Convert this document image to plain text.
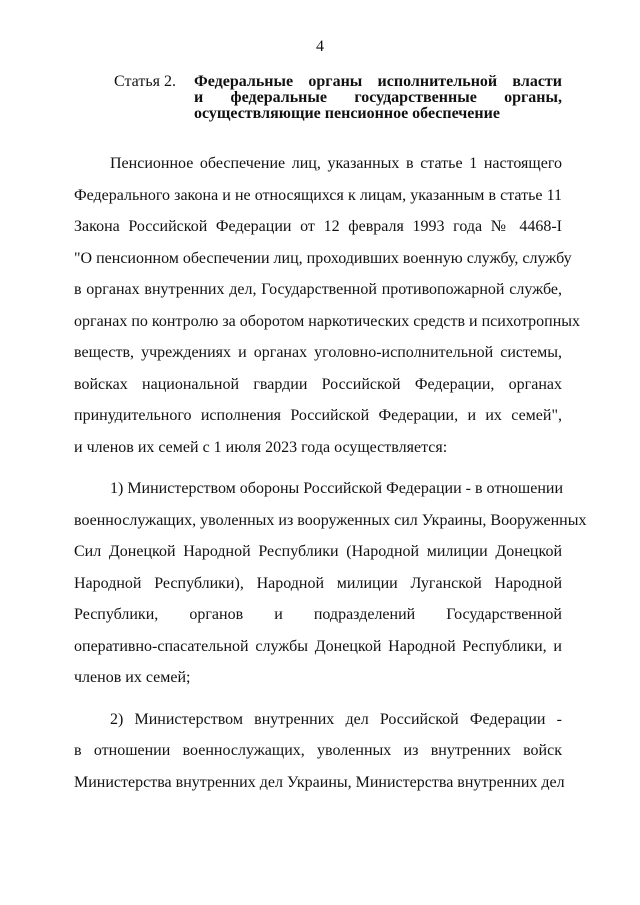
4
Статья 2.	Федеральные органы исполнительной власти
и федеральные государственные органы,
осуществляющие пенсионное обеспечение
Пенсионное обеспечение лиц, указанных в статье 1 настоящего
Федерального закона и не относящихся к лицам, указанным в статье 11
Закона Российской Федерации от 12 февраля 1993 года № 4468-I
"О пенсионном обеспечении лиц, проходивших военную службу, службу
в органах внутренних дел, Государственной противопожарной службе,
органах по контролю за оборотом наркотических средств и психотропных
веществ, учреждениях и органах уголовно-исполнительной системы,
войсках национальной гвардии Российской Федерации, органах
принудительного исполнения Российской Федерации, и их семей",
и членов их семей с 1 июля 2023 года осуществляется:
1) Министерством обороны Российской Федерации - в отношении
военнослужащих, уволенных из вооруженных сил Украины, Вооруженных
Сил Донецкой Народной Республики (Народной милиции Донецкой
Народной Республики), Народной милиции Луганской Народной
Республики, органов и подразделений Государственной
оперативно-спасательной службы Донецкой Народной Республики, и
членов их семей;
2) Министерством внутренних дел Российской Федерации -
в отношении военнослужащих, уволенных из внутренних войск
Министерства внутренних дел Украины, Министерства внутренних дел
